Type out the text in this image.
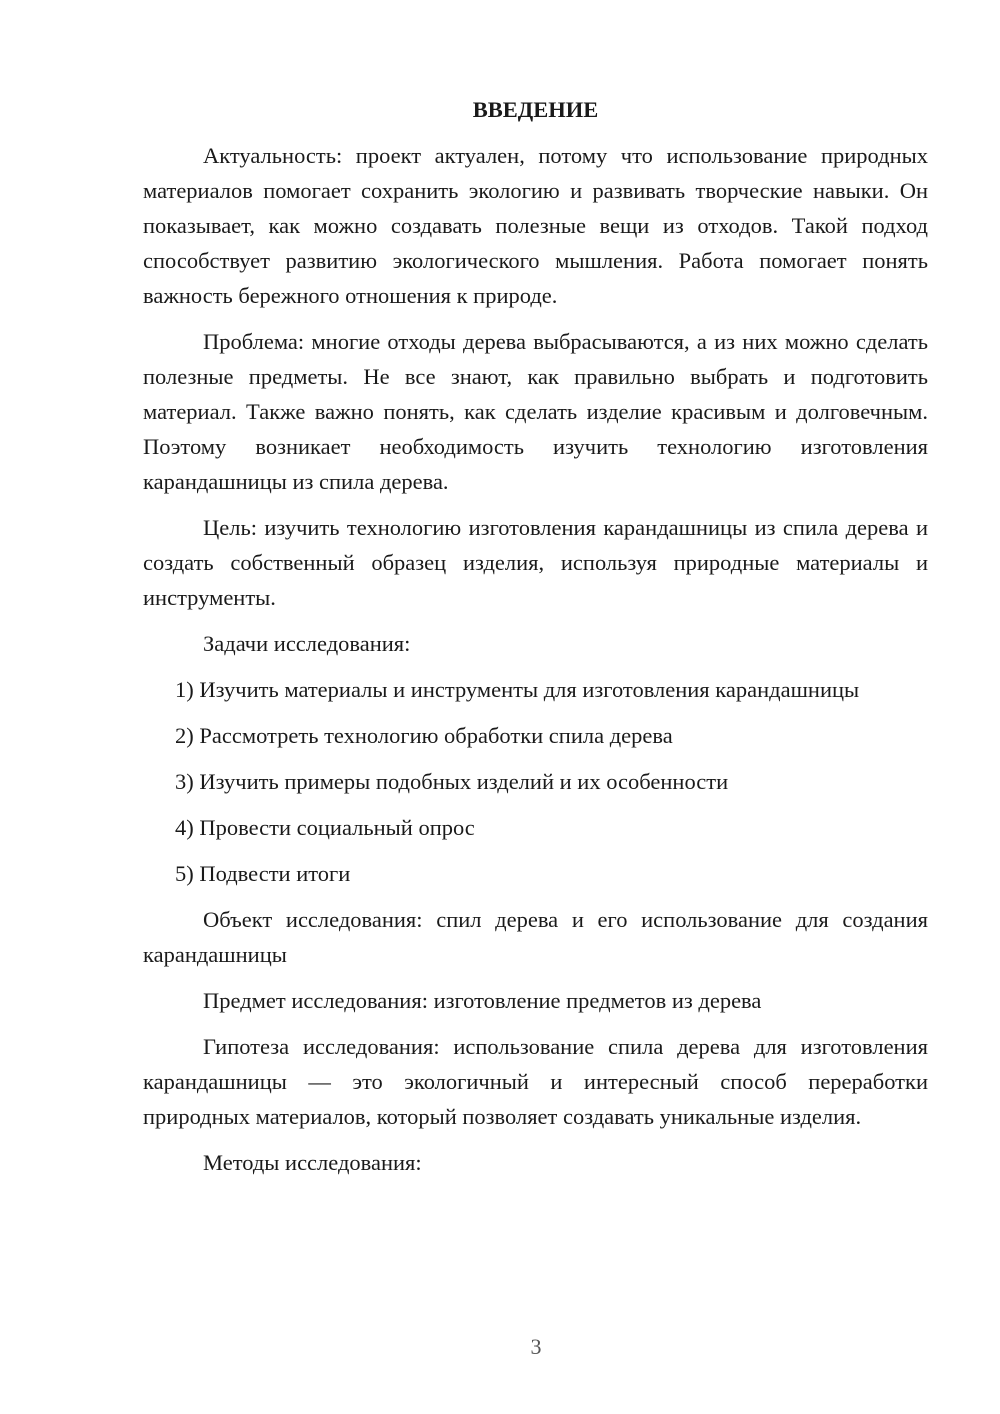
ВВЕДЕНИЕ

Актуальность: проект актуален, потому что использование природных материалов помогает сохранить экологию и развивать творческие навыки. Он показывает, как можно создавать полезные вещи из отходов. Такой подход способствует развитию экологического мышления. Работа помогает понять важность бережного отношения к природе.

Проблема: многие отходы дерева выбрасываются, а из них можно сделать полезные предметы. Не все знают, как правильно выбрать и подготовить материал. Также важно понять, как сделать изделие красивым и долговечным. Поэтому возникает необходимость изучить технологию изготовления карандашницы из спила дерева.

Цель: изучить технологию изготовления карандашницы из спила дерева и создать собственный образец изделия, используя природные материалы и инструменты.

Задачи исследования:

1) Изучить материалы и инструменты для изготовления карандашницы

2) Рассмотреть технологию обработки спила дерева

3) Изучить примеры подобных изделий и их особенности

4) Провести социальный опрос

5) Подвести итоги

Объект исследования: спил дерева и его использование для создания карандашницы

Предмет исследования: изготовление предметов из дерева

Гипотеза исследования: использование спила дерева для изготовления карандашницы — это экологичный и интересный способ переработки природных материалов, который позволяет создавать уникальные изделия.

Методы исследования:

3
